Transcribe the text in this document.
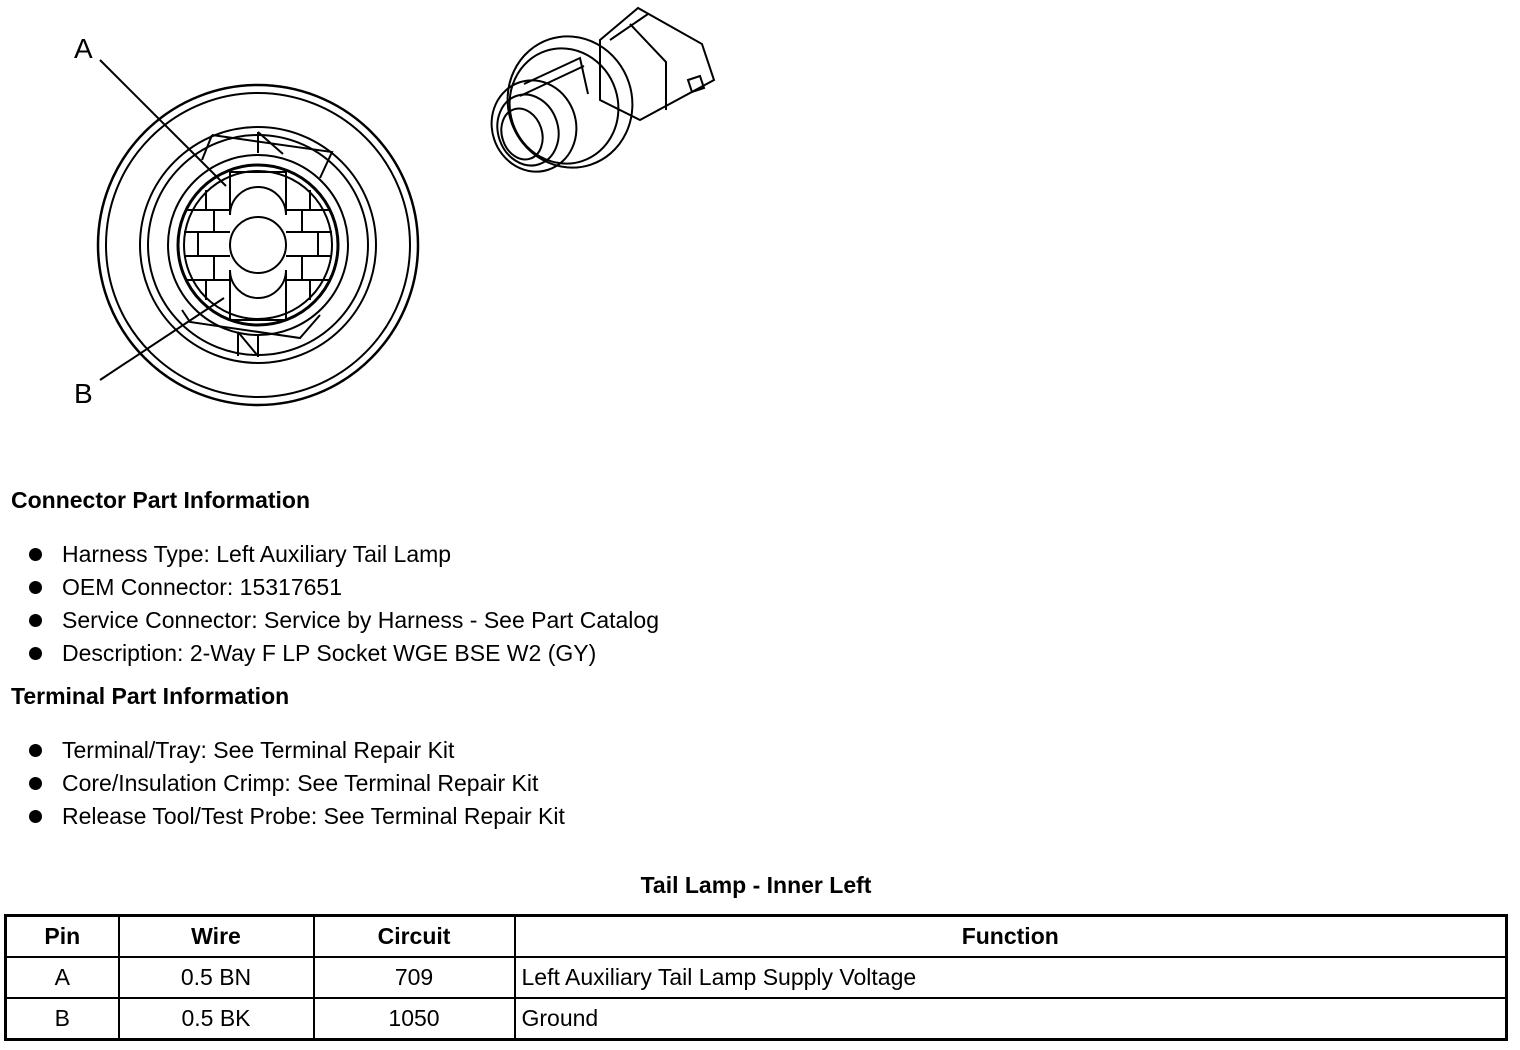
A
B
Connector Part Information
Harness Type: Left Auxiliary Tail Lamp
OEM Connector: 15317651
Service Connector: Service by Harness - See Part Catalog
Description: 2-Way F LP Socket WGE BSE W2 (GY)
Terminal Part Information
Terminal/Tray: See Terminal Repair Kit
Core/Insulation Crimp: See Terminal Repair Kit
Release Tool/Test Probe: See Terminal Repair Kit
Tail Lamp - Inner Left
Pin	Wire	Circuit	Function
A	0.5 BN	709	Left Auxiliary Tail Lamp Supply Voltage
B	0.5 BK	1050	Ground
